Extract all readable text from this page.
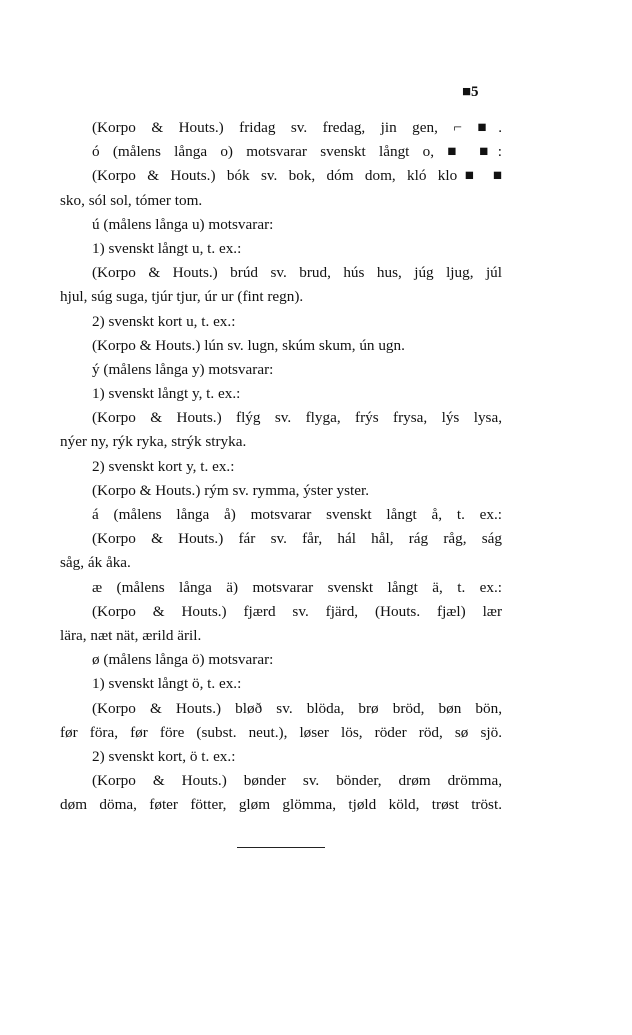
■5
(Korpo & Houts.) fridag sv. fredag, jin gen, ⌐ ■.
ó (målens långa o) motsvarar svenskt långt o, ■ ■:
(Korpo & Houts.) bók sv. bok, dóm dom, kló klo■ ■
sko, sól sol, tómer tom.
ú (målens långa u) motsvarar:
1) svenskt långt u, t. ex.:
(Korpo & Houts.) brúd sv. brud, hús hus, júg ljug, júl
hjul, súg suga, tjúr tjur, úr ur (fint regn).
2) svenskt kort u, t. ex.:
(Korpo & Houts.) lún sv. lugn, skúm skum, ún ugn.
ý (målens långa y) motsvarar:
1) svenskt långt y, t. ex.:
(Korpo & Houts.) flýg sv. flyga, frýs frysa, lýs lysa,
nýer ny, rýk ryka, strýk stryka.
2) svenskt kort y, t. ex.:
(Korpo & Houts.) rým sv. rymma, ýster yster.
á (målens långa å) motsvarar svenskt långt å, t. ex.:
(Korpo & Houts.) fár sv. får, hál hål, rág råg, ság
såg, ák åka.
æ (målens långa ä) motsvarar svenskt långt ä, t. ex.:
(Korpo & Houts.) fjærd sv. fjärd, (Houts. fjæl) lær
lära, næt nät, ærild äril.
ø (målens långa ö) motsvarar:
1) svenskt långt ö, t. ex.:
(Korpo & Houts.) bløð sv. blöda, brø bröd, bøn bön,
før föra, før före (subst. neut.), løser lös, röder röd, sø sjö.
2) svenskt kort, ö t. ex.:
(Korpo & Houts.) bønder sv. bönder, drøm drömma,
døm döma, føter fötter, gløm glömma, tjøld köld, trøst tröst.
